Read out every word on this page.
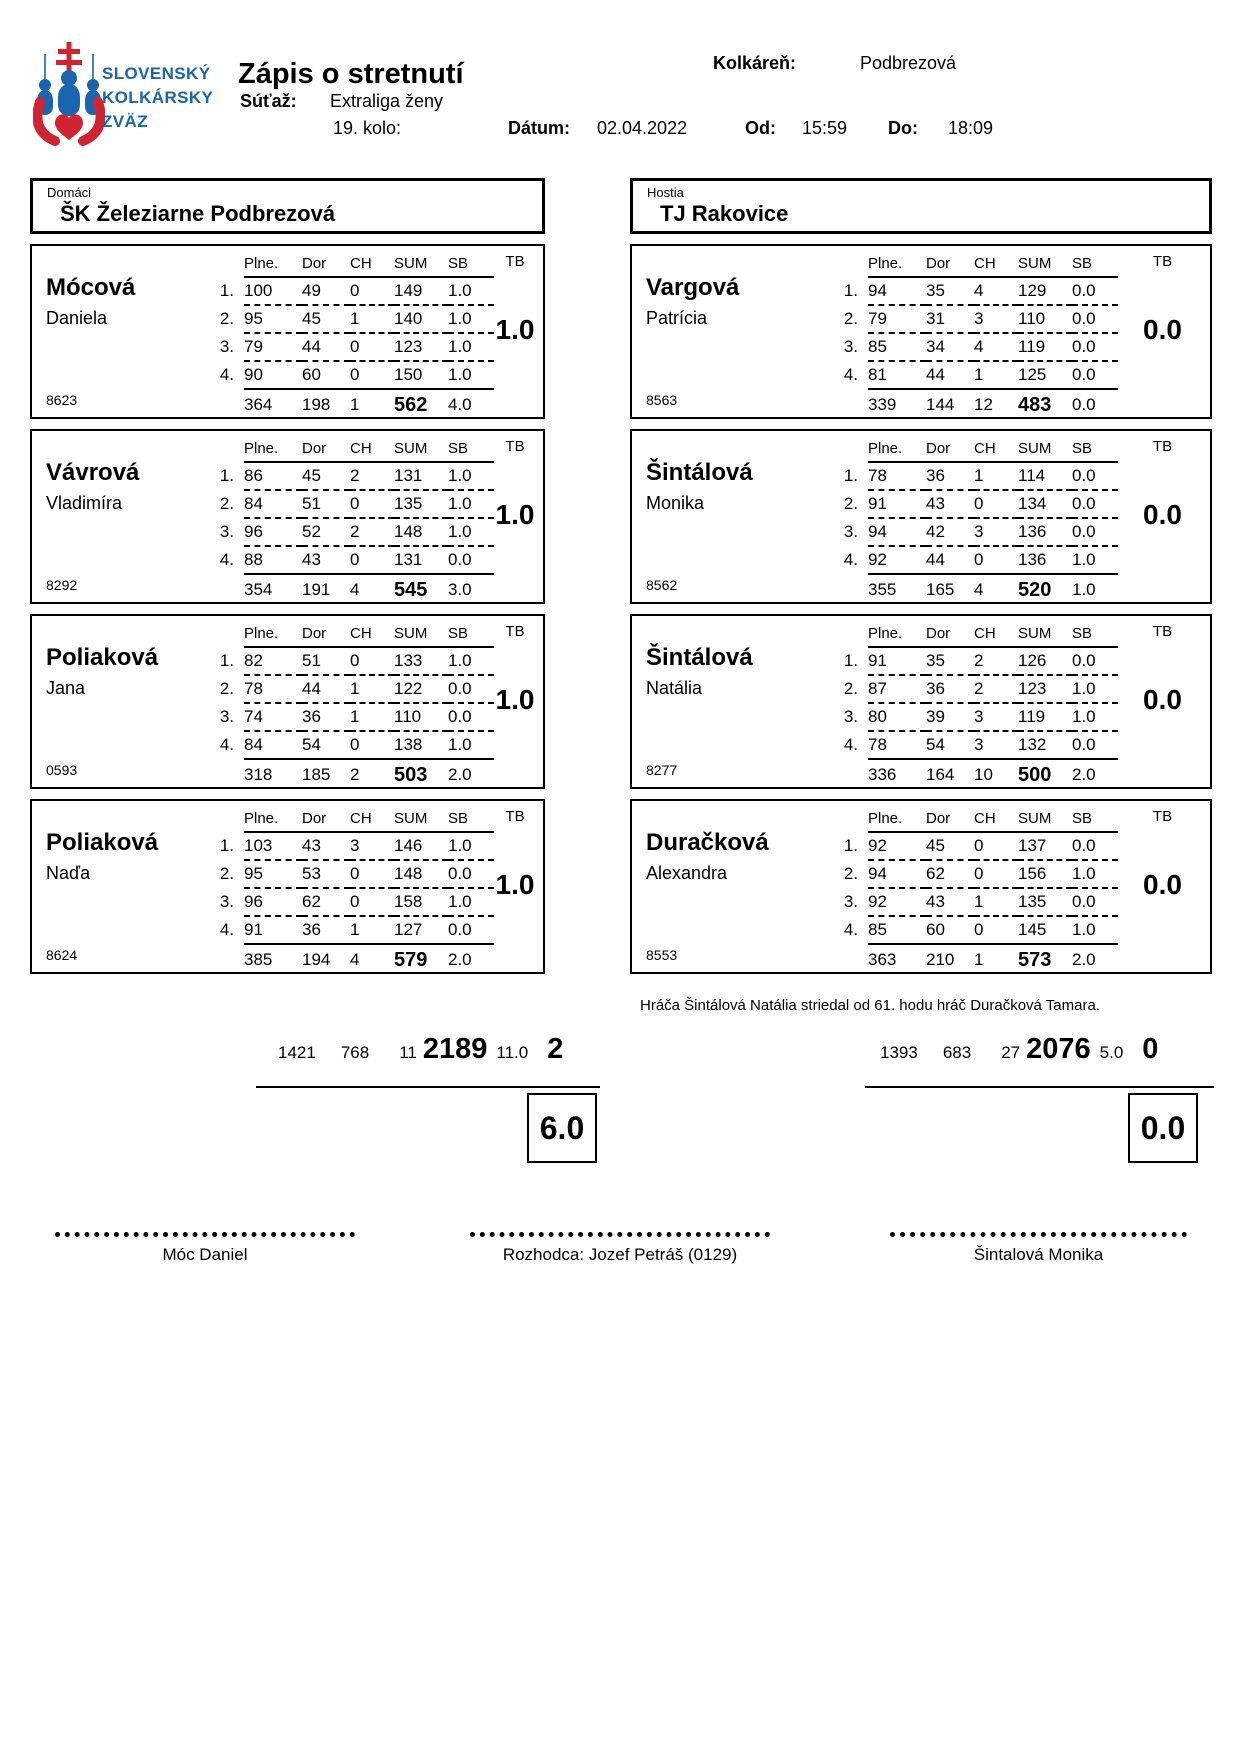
SLOVENSKÝ
KOLKÁRSKY
ZVÄZ
Zápis o stretnutí	Kolkáreň:	Podbrezová
Súťaž: Extraliga ženy
19. kolo:	Dátum: 02.04.2022	Od: 15:59 Do: 18:09
Domáci
ŠK Železiarne Podbrezová
Mócová
Daniela
8623
	Plne.	Dor	CH	SUM	SB
1.	100	49	0	149	1.0
2.	95	45	1	140	1.0
3.	79	44	0	123	1.0
4.	90	60	0	150	1.0
	364	198	1	562	4.0
TB
1.0
Vávrová
Vladimíra
8292
	Plne.	Dor	CH	SUM	SB
1.	86	45	2	131	1.0
2.	84	51	0	135	1.0
3.	96	52	2	148	1.0
4.	88	43	0	131	0.0
	354	191	4	545	3.0
TB
1.0
Poliaková
Jana
0593
	Plne.	Dor	CH	SUM	SB
1.	82	51	0	133	1.0
2.	78	44	1	122	0.0
3.	74	36	1	110	0.0
4.	84	54	0	138	1.0
	318	185	2	503	2.0
TB
1.0
Poliaková
Naďa
8624
	Plne.	Dor	CH	SUM	SB
1.	103	43	3	146	1.0
2.	95	53	0	148	0.0
3.	96	62	0	158	1.0
4.	91	36	1	127	0.0
	385	194	4	579	2.0
TB
1.0
Hostia
TJ Rakovice
Vargová
Patrícia
8563
	Plne.	Dor	CH	SUM	SB
1.	94	35	4	129	0.0
2.	79	31	3	110	0.0
3.	85	34	4	119	0.0
4.	81	44	1	125	0.0
	339	144	12	483	0.0
TB
0.0
Šintálová
Monika
8562
	Plne.	Dor	CH	SUM	SB
1.	78	36	1	114	0.0
2.	91	43	0	134	0.0
3.	94	42	3	136	0.0
4.	92	44	0	136	1.0
	355	165	4	520	1.0
TB
0.0
Šintálová
Natália
8277
	Plne.	Dor	CH	SUM	SB
1.	91	35	2	126	0.0
2.	87	36	2	123	1.0
3.	80	39	3	119	1.0
4.	78	54	3	132	0.0
	336	164	10	500	2.0
TB
0.0
Duračková
Alexandra
8553
	Plne.	Dor	CH	SUM	SB
1.	92	45	0	137	0.0
2.	94	62	0	156	1.0
3.	92	43	1	135	0.0
4.	85	60	0	145	1.0
	363	210	1	573	2.0
TB
0.0
Hráča Šintálová Natália striedal od 61. hodu hráč Duračková Tamara.
1421 768 11 2189 11.0 2	1393 683 27 2076 5.0 0
6.0	0.0
Móc Daniel	Rozhodca: Jozef Petráš (0129)	Šintalová Monika
